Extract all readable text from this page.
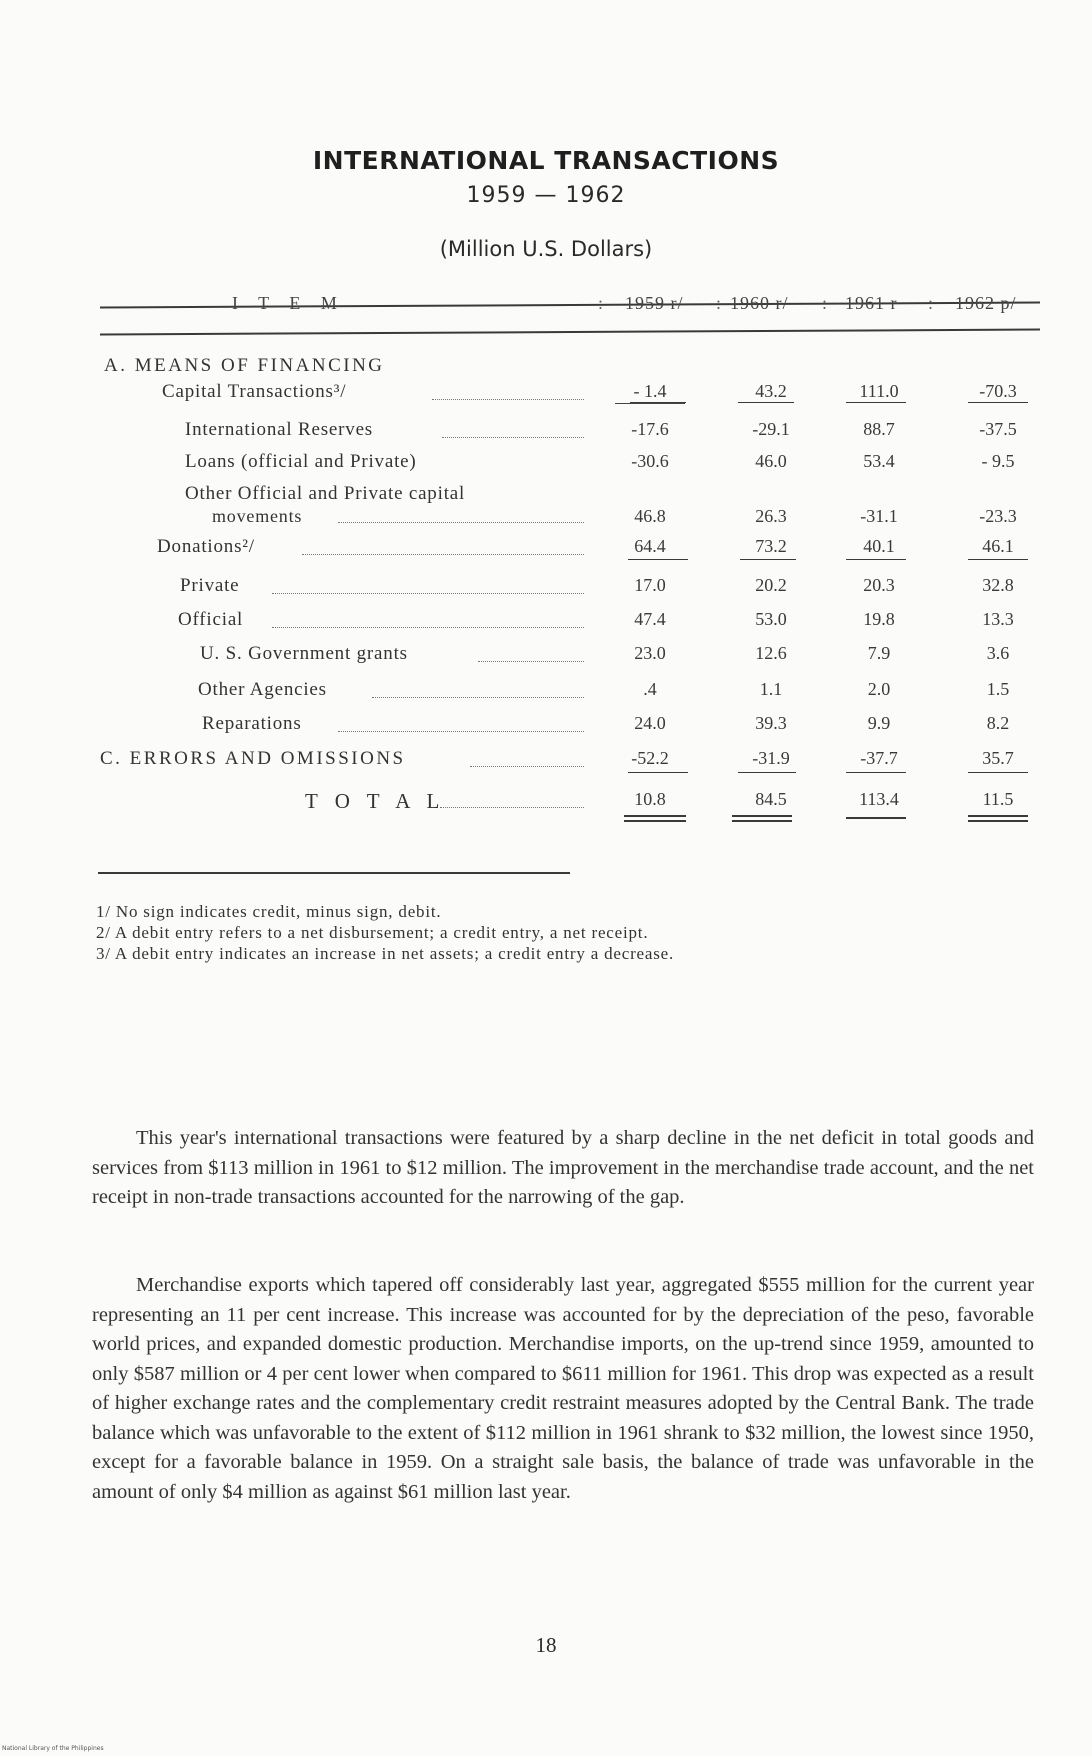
INTERNATIONAL TRANSACTIONS
1959 — 1962
(Million U.S. Dollars)
I T E M	: 1959 r/ : 1960 r/ : 1961 r : 1962 p/
A. MEANS OF FINANCING
Capital Transactions³/	- 1.4	43.2	111.0	-70.3
International Reserves	-17.6	-29.1	88.7	-37.5
Loans (official and Private)	-30.6	46.0	53.4	- 9.5
Other Official and Private capital
movements	46.8	26.3	-31.1	-23.3
Donations²/	64.4	73.2	40.1	46.1
Private	17.0	20.2	20.3	32.8
Official	47.4	53.0	19.8	13.3
U. S. Government grants	23.0	12.6	7.9	3.6
Other Agencies	.4	1.1	2.0	1.5
Reparations	24.0	39.3	9.9	8.2
C. ERRORS AND OMISSIONS	-52.2	-31.9	-37.7	35.7
T O T A L	10.8	84.5	113.4	11.5
1/ No sign indicates credit, minus sign, debit.
2/ A debit entry refers to a net disbursement; a credit entry, a net receipt.
3/ A debit entry indicates an increase in net assets; a credit entry a decrease.

This year's international transactions were featured by a sharp decline in the net deficit in total goods and services from $113 million in 1961 to $12 million. The improvement in the merchandise trade account, and the net receipt in non-trade transactions accounted for the narrowing of the gap.

Merchandise exports which tapered off considerably last year, aggregated $555 million for the current year representing an 11 per cent increase. This increase was accounted for by the depreciation of the peso, favorable world prices, and expanded domestic production. Merchandise imports, on the up-trend since 1959, amounted to only $587 million or 4 per cent lower when compared to $611 million for 1961. This drop was expected as a result of higher exchange rates and the complementary credit restraint measures adopted by the Central Bank. The trade balance which was unfavorable to the extent of $112 million in 1961 shrank to $32 million, the lowest since 1950, except for a favorable balance in 1959. On a straight sale basis, the balance of trade was unfavorable in the amount of only $4 million as against $61 million last year.

18
National Library of the Philippines
